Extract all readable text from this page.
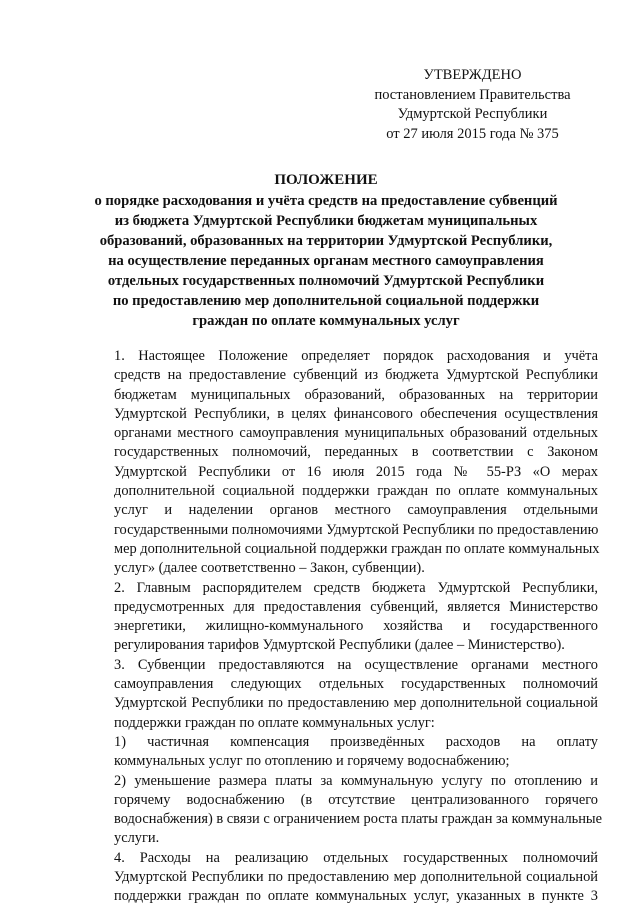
УТВЕРЖДЕНО
постановлением Правительства
Удмуртской Республики
от 27 июля 2015 года № 375
ПОЛОЖЕНИЕ
о порядке расходования и учёта средств на предоставление субвенций
из бюджета Удмуртской Республики бюджетам муниципальных
образований, образованных на территории Удмуртской Республики,
на осуществление переданных органам местного самоуправления
отдельных государственных полномочий Удмуртской Республики
по предоставлению мер дополнительной социальной поддержки
граждан по оплате коммунальных услуг
1. Настоящее Положение определяет порядок расходования и учёта
средств на предоставление субвенций из бюджета Удмуртской Республики
бюджетам муниципальных образований, образованных на территории
Удмуртской Республики, в целях финансового обеспечения осуществления
органами местного самоуправления муниципальных образований отдельных
государственных полномочий, переданных в соответствии с Законом
Удмуртской Республики от 16 июля 2015 года № 55-РЗ «О мерах
дополнительной социальной поддержки граждан по оплате коммунальных
услуг и наделении органов местного самоуправления отдельными
государственными полномочиями Удмуртской Республики по предоставлению
мер дополнительной социальной поддержки граждан по оплате коммунальных
услуг» (далее соответственно – Закон, субвенции).
2. Главным распорядителем средств бюджета Удмуртской Республики,
предусмотренных для предоставления субвенций, является Министерство
энергетики, жилищно-коммунального хозяйства и государственного
регулирования тарифов Удмуртской Республики (далее – Министерство).
3. Субвенции предоставляются на осуществление органами местного
самоуправления следующих отдельных государственных полномочий
Удмуртской Республики по предоставлению мер дополнительной социальной
поддержки граждан по оплате коммунальных услуг:
1) частичная компенсация произведённых расходов на оплату
коммунальных услуг по отоплению и горячему водоснабжению;
2) уменьшение размера платы за коммунальную услугу по отоплению и
горячему водоснабжению (в отсутствие централизованного горячего
водоснабжения) в связи с ограничением роста платы граждан за коммунальные
услуги.
4. Расходы на реализацию отдельных государственных полномочий
Удмуртской Республики по предоставлению мер дополнительной социальной
поддержки граждан по оплате коммунальных услуг, указанных в пункте 3
